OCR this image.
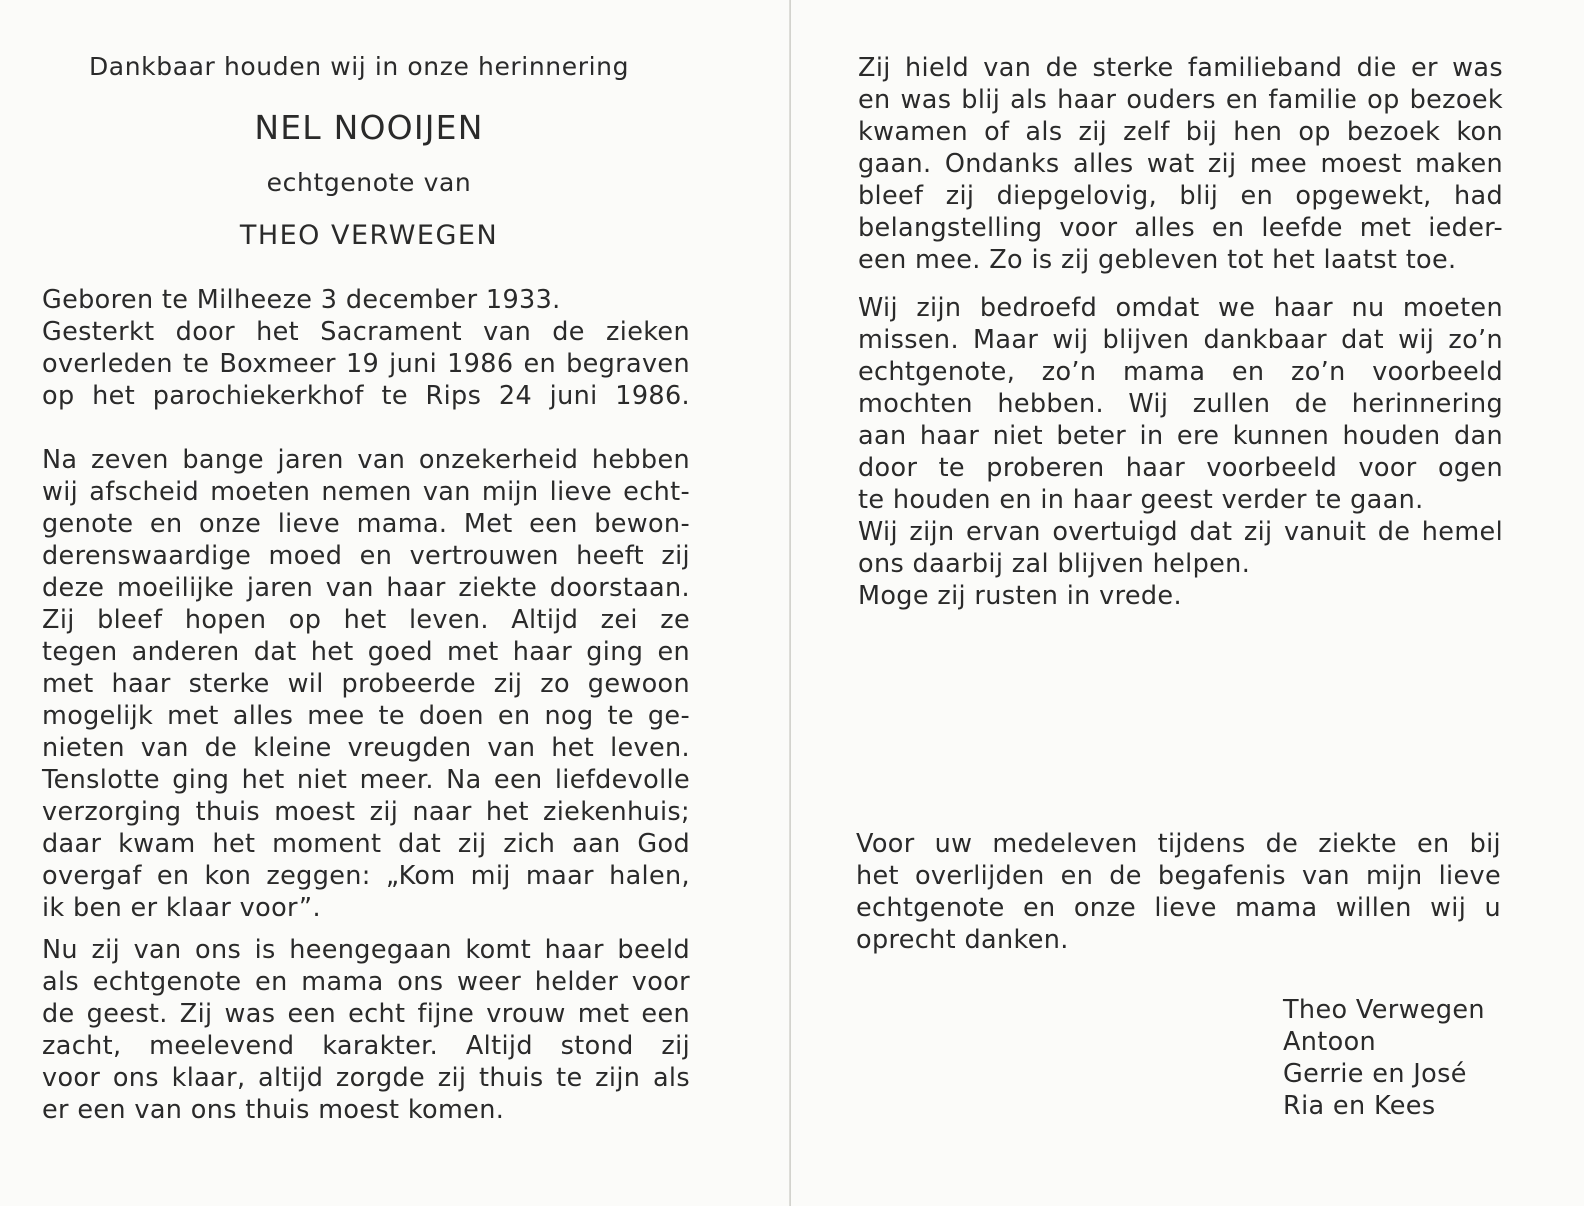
Dankbaar houden wij in onze herinnering
NEL NOOIJEN
echtgenote van
THEO VERWEGEN
Geboren te Milheeze 3 december 1933.
Gesterkt door het Sacrament van de zieken
overleden te Boxmeer 19 juni 1986 en begraven
op het parochiekerkhof te Rips 24 juni 1986.
Na zeven bange jaren van onzekerheid hebben
wij afscheid moeten nemen van mijn lieve echt-
genote en onze lieve mama. Met een bewon-
derenswaardige moed en vertrouwen heeft zij
deze moeilijke jaren van haar ziekte doorstaan.
Zij bleef hopen op het leven. Altijd zei ze
tegen anderen dat het goed met haar ging en
met haar sterke wil probeerde zij zo gewoon
mogelijk met alles mee te doen en nog te ge-
nieten van de kleine vreugden van het leven.
Tenslotte ging het niet meer. Na een liefdevolle
verzorging thuis moest zij naar het ziekenhuis;
daar kwam het moment dat zij zich aan God
overgaf en kon zeggen: „Kom mij maar halen,
ik ben er klaar voor”.
Nu zij van ons is heengegaan komt haar beeld
als echtgenote en mama ons weer helder voor
de geest. Zij was een echt fijne vrouw met een
zacht, meelevend karakter. Altijd stond zij
voor ons klaar, altijd zorgde zij thuis te zijn als
er een van ons thuis moest komen.
Zij hield van de sterke familieband die er was
en was blij als haar ouders en familie op bezoek
kwamen of als zij zelf bij hen op bezoek kon
gaan. Ondanks alles wat zij mee moest maken
bleef zij diepgelovig, blij en opgewekt, had
belangstelling voor alles en leefde met ieder-
een mee. Zo is zij gebleven tot het laatst toe.
Wij zijn bedroefd omdat we haar nu moeten
missen. Maar wij blijven dankbaar dat wij zo’n
echtgenote, zo’n mama en zo’n voorbeeld
mochten hebben. Wij zullen de herinnering
aan haar niet beter in ere kunnen houden dan
door te proberen haar voorbeeld voor ogen
te houden en in haar geest verder te gaan.
Wij zijn ervan overtuigd dat zij vanuit de hemel
ons daarbij zal blijven helpen.
Moge zij rusten in vrede.
Voor uw medeleven tijdens de ziekte en bij
het overlijden en de begafenis van mijn lieve
echtgenote en onze lieve mama willen wij u
oprecht danken.
Theo Verwegen
Antoon
Gerrie en José
Ria en Kees
